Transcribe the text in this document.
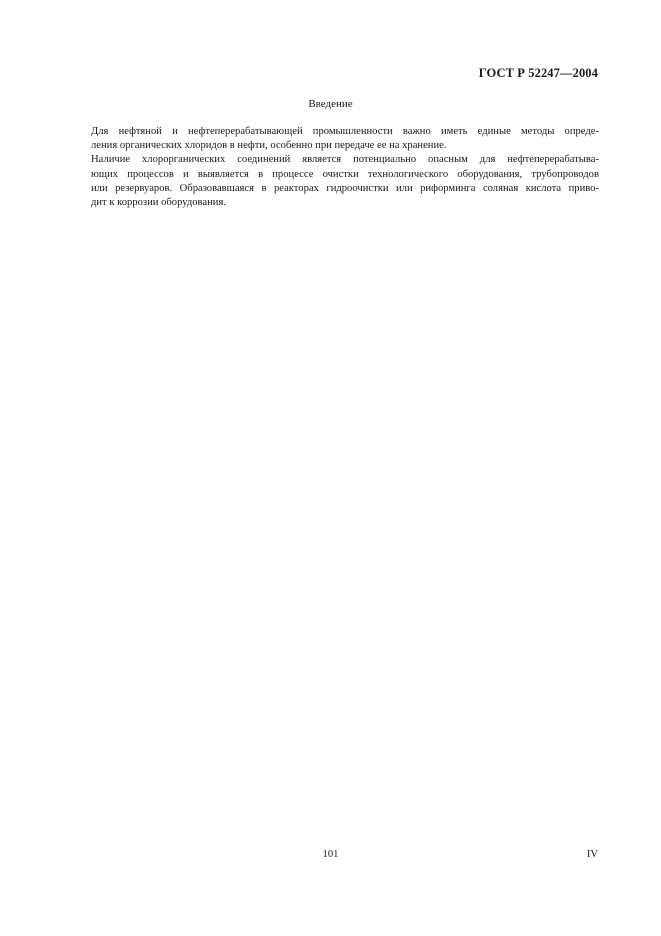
ГОСТ Р 52247—2004
Введение

Для нефтяной и нефтеперерабатывающей промышленности важно иметь единые методы опреде-
ления органических хлоридов в нефти, особенно при передаче ее на хранение.

Наличие хлорорганических соединений является потенциально опасным для нефтеперерабатыва-
ющих процессов и выявляется в процессе очистки технологического оборудования, трубопроводов
или резервуаров. Образовавшаяся в реакторах гидроочистки или риформинга соляная кислота приво-
дит к коррозии оборудования.

101	IV
